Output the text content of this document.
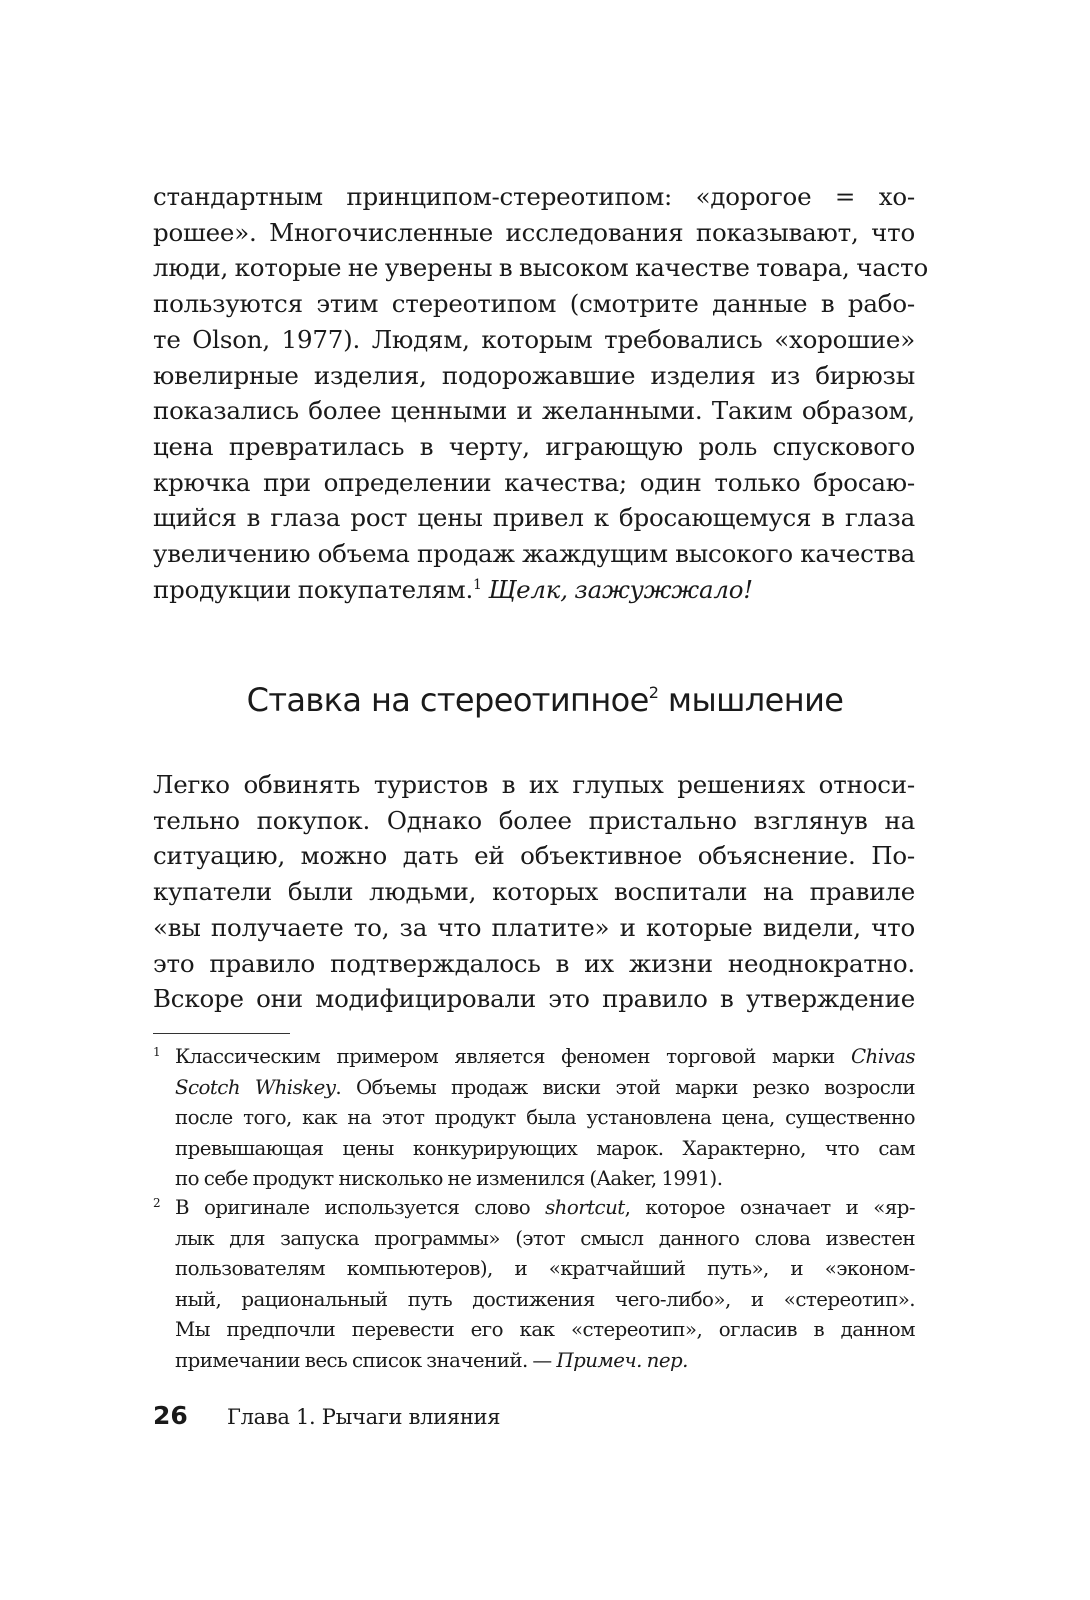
стандартным принципом-стереотипом: «дорогое = хо-
рошее». Многочисленные исследования показывают, что
люди, которые не уверены в высоком качестве товара, часто
пользуются этим стереотипом (смотрите данные в рабо-
те Olson, 1977). Людям, которым требовались «хорошие»
ювелирные изделия, подорожавшие изделия из бирюзы
показались более ценными и желанными. Таким образом,
цена превратилась в черту, играющую роль спускового
крючка при определении качества; один только бросаю-
щийся в глаза рост цены привел к бросающемуся в глаза
увеличению объема продаж жаждущим высокого качества
продукции покупателям.$^1$ Щелк, зажужжало!
Ставка на стереотипное$^2$ мышление
Легко обвинять туристов в их глупых решениях относи-
тельно покупок. Однако более пристально взглянув на
ситуацию, можно дать ей объективное объяснение. По-
купатели были людьми, которых воспитали на правиле
«вы получаете то, за что платите» и которые видели, что
это правило подтверждалось в их жизни неоднократно.
Вскоре они модифицировали это правило в утверждение
1 Классическим примером является феномен торговой марки Chivas
Scotch Whiskey. Объемы продаж виски этой марки резко возросли
после того, как на этот продукт была установлена цена, существенно
превышающая цены конкурирующих марок. Характерно, что сам
по себе продукт нисколько не изменился (Aaker, 1991).
2 В оригинале используется слово shortcut, которое означает и «яр-
лык для запуска программы» (этот смысл данного слова известен
пользователям компьютеров), и «кратчайший путь», и «эконом-
ный, рациональный путь достижения чего-либо», и «стереотип».
Мы предпочли перевести его как «стереотип», огласив в данном
примечании весь список значений. — Примеч. пер.
26	Глава 1. Рычаги влияния
